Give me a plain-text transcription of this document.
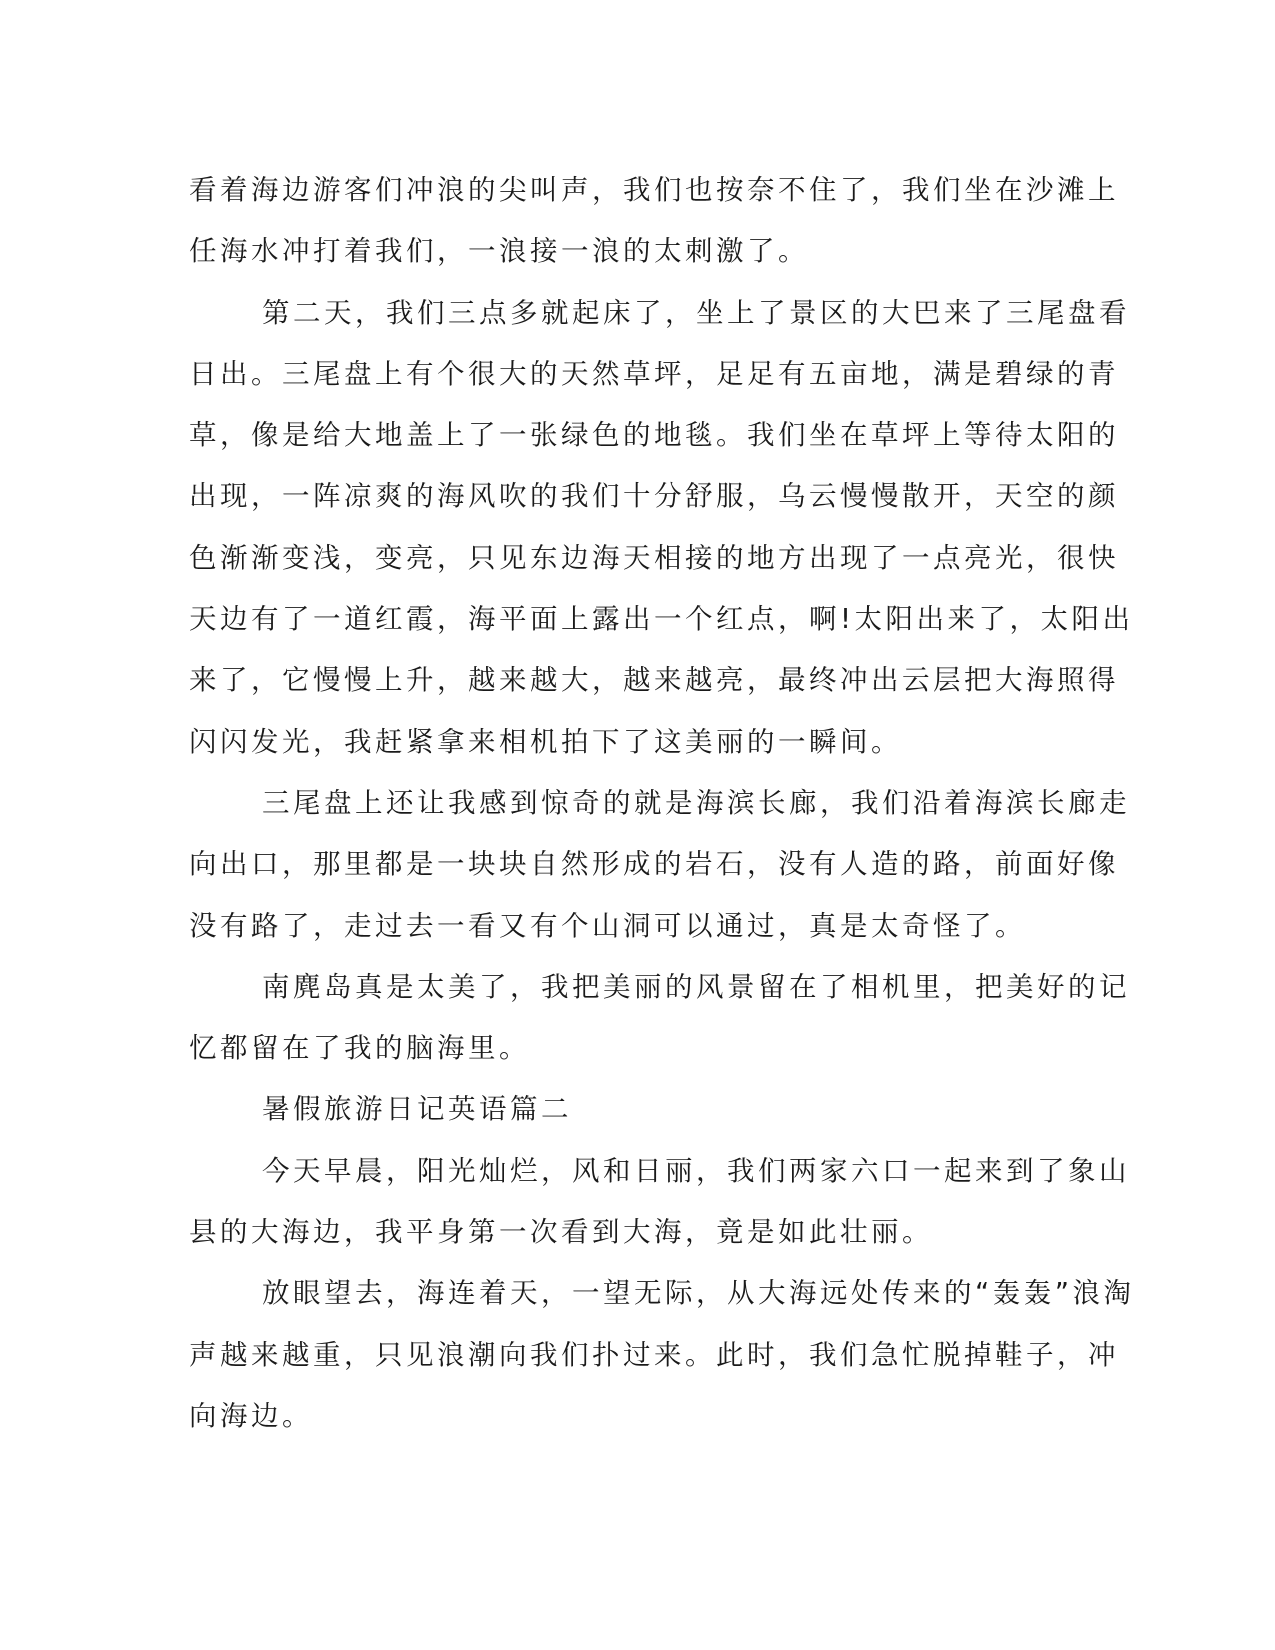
看着海边游客们冲浪的尖叫声，我们也按奈不住了，我们坐在沙滩上
任海水冲打着我们，一浪接一浪的太刺激了。
第二天，我们三点多就起床了，坐上了景区的大巴来了三尾盘看
日出。三尾盘上有个很大的天然草坪，足足有五亩地，满是碧绿的青
草，像是给大地盖上了一张绿色的地毯。我们坐在草坪上等待太阳的
出现，一阵凉爽的海风吹的我们十分舒服，乌云慢慢散开，天空的颜
色渐渐变浅，变亮，只见东边海天相接的地方出现了一点亮光，很快
天边有了一道红霞，海平面上露出一个红点，啊!太阳出来了，太阳出
来了，它慢慢上升，越来越大，越来越亮，最终冲出云层把大海照得
闪闪发光，我赶紧拿来相机拍下了这美丽的一瞬间。
三尾盘上还让我感到惊奇的就是海滨长廊，我们沿着海滨长廊走
向出口，那里都是一块块自然形成的岩石，没有人造的路，前面好像
没有路了，走过去一看又有个山洞可以通过，真是太奇怪了。
南麂岛真是太美了，我把美丽的风景留在了相机里，把美好的记
忆都留在了我的脑海里。
暑假旅游日记英语篇二
今天早晨，阳光灿烂，风和日丽，我们两家六口一起来到了象山
县的大海边，我平身第一次看到大海，竟是如此壮丽。
放眼望去，海连着天，一望无际，从大海远处传来的“轰轰”浪淘
声越来越重，只见浪潮向我们扑过来。此时，我们急忙脱掉鞋子，冲
向海边。
